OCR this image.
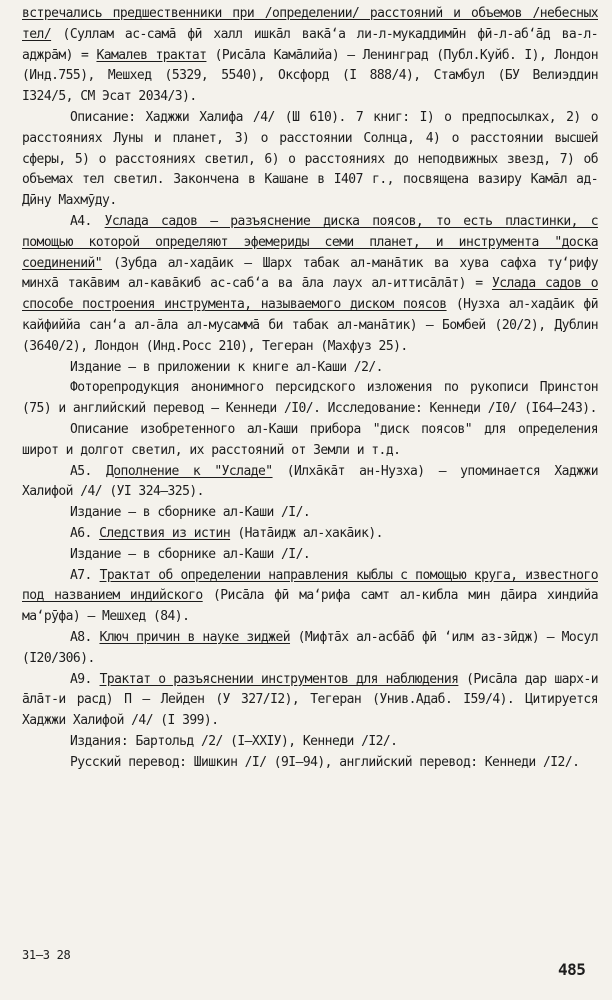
встречались предшественники при /определении/ расстояний и объемов /небесных тел/ (Суллам ас-сама̄ фӣ халл ишка̄л вака̄ʻа ли-л-мукаддимӣн фӣ-л-абʻа̄д ва-л-аджра̄м) = Камалев трактат (Риса̄ла Кама̄лийа) – Ленинград (Публ.Куйб. I), Лондон (Инд.755), Мешхед (5329, 5540), Оксфорд (I 888/4), Стамбул (БУ Велиэддин I324/5, СМ Эсат 2034/3).

Описание: Хаджжи Халифа /4/ (Ш 610). 7 книг: I) о предпосылках, 2) о расстояниях Луны и планет, 3) о расстоянии Солнца, 4) о расстоянии высшей сферы, 5) о расстояниях светил, 6) о расстояниях до неподвижных звезд, 7) об объемах тел светил. Закончена в Кашане в I407 г., посвящена вазиру Кама̄л ад-Дӣну Махмӯду.

А4. Услада садов – разъяснение диска поясов, то есть пластинки, с помощью которой определяют эфемериды семи планет, и инструмента "доска соединений" (Зубда ал-хада̄ик – Шарх табак ал-мана̄тик ва хува сафха туʻрифу минха̄ така̄вим ал-кава̄киб ас-сабʻа ва а̄ла лаух ал-иттиса̄ла̄т) = Услада садов о способе построения инструмента, называемого диском поясов (Нузха ал-хада̄ик фӣ кайфиййа санʻа ал-а̄ла ал-мусамма̄ би табак ал-мана̄тик) – Бомбей (20/2), Дублин (3640/2), Лондон (Инд.Росс 210), Тегеран (Махфуз 25).

Издание – в приложении к книге ал-Каши /2/.

Фоторепродукция анонимного персидского изложения по рукописи Принстон (75) и английский перевод – Кеннеди /I0/. Исследование: Кеннеди /I0/ (I64–243).

Описание изобретенного ал-Каши прибора "диск поясов" для определения широт и долгот светил, их расстояний от Земли и т.д.

А5. Дополнение к "Усладе" (Илха̄ка̄т ан-Нузха) – упоминается Хаджжи Халифой /4/ (УI 324–325).

Издание – в сборнике ал-Каши /I/.

А6. Следствия из истин (Натāидж ал-хака̄ик).

Издание – в сборнике ал-Каши /I/.

А7. Трактат об определении направления кыблы с помощью круга, известного под названием индийского (Риса̄ла фӣ маʻрифа самт ал-кибла мин да̄ира хиндийа маʻрӯфа) – Мешхед (84).

А8. Ключ причин в науке зиджей (Мифта̄х ал-асба̄б фӣ ʻилм аз-зӣдж) – Мосул (I20/306).

А9. Трактат о разъяснении инструментов для наблюдения (Риса̄ла дар шарх-и а̄ла̄т-и расд) П – Лейден (У 327/I2), Тегеран (Унив.Адаб. I59/4). Цитируется Хаджжи Халифой /4/ (I 399).

Издания: Бартольд /2/ (I–XXIУ), Кеннеди /I2/.

Русский перевод: Шишкин /I/ (9I–94), английский перевод: Кеннеди /I2/.

31–3 28
485
